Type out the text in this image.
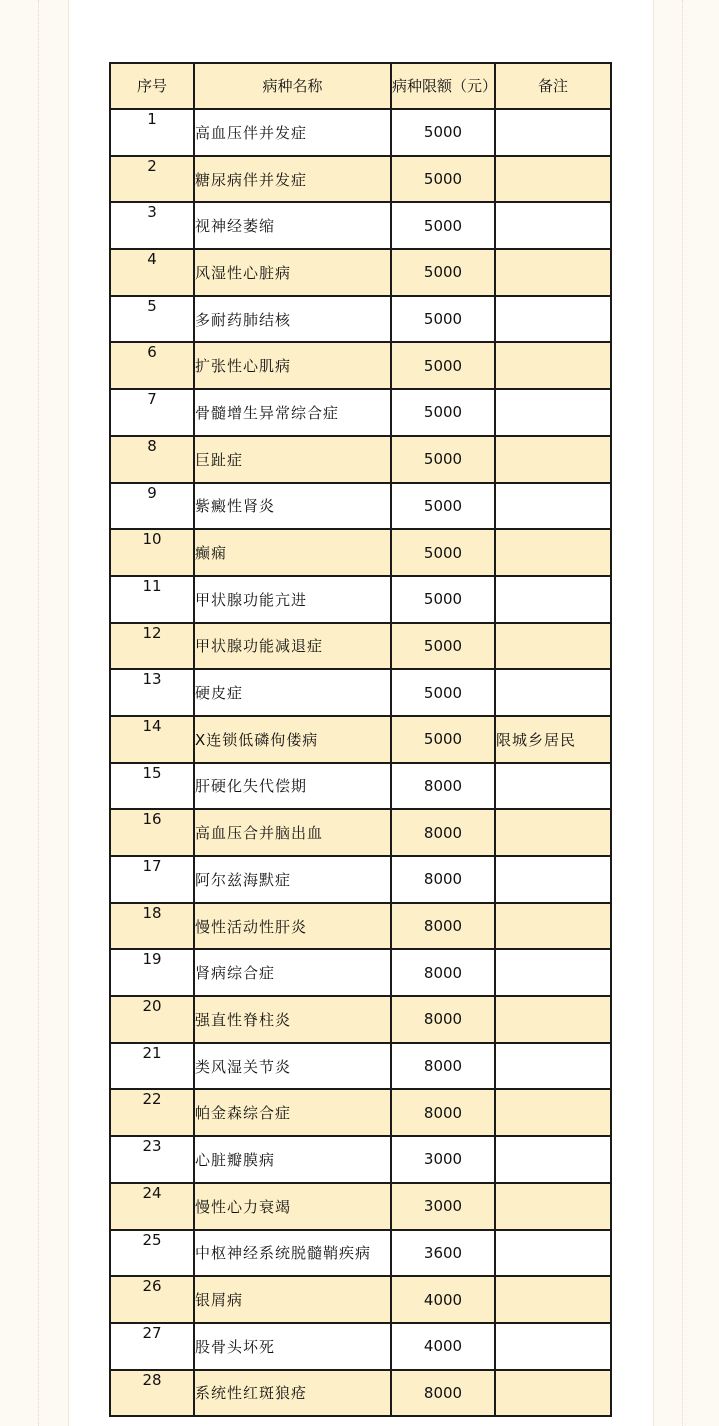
序号	病种名称	病种限额（元）	备注
1	高血压伴并发症	5000	
2	糖尿病伴并发症	5000	
3	视神经萎缩	5000	
4	风湿性心脏病	5000	
5	多耐药肺结核	5000	
6	扩张性心肌病	5000	
7	骨髓增生异常综合症	5000	
8	巨趾症	5000	
9	紫癜性肾炎	5000	
10	癫痫	5000	
11	甲状腺功能亢进	5000	
12	甲状腺功能减退症	5000	
13	硬皮症	5000	
14	X连锁低磷佝偻病	5000	限城乡居民
15	肝硬化失代偿期	8000	
16	高血压合并脑出血	8000	
17	阿尔兹海默症	8000	
18	慢性活动性肝炎	8000	
19	肾病综合症	8000	
20	强直性脊柱炎	8000	
21	类风湿关节炎	8000	
22	帕金森综合症	8000	
23	心脏瓣膜病	3000	
24	慢性心力衰竭	3000	
25	中枢神经系统脱髓鞘疾病	3600	
26	银屑病	4000	
27	股骨头坏死	4000	
28	系统性红斑狼疮	8000	
